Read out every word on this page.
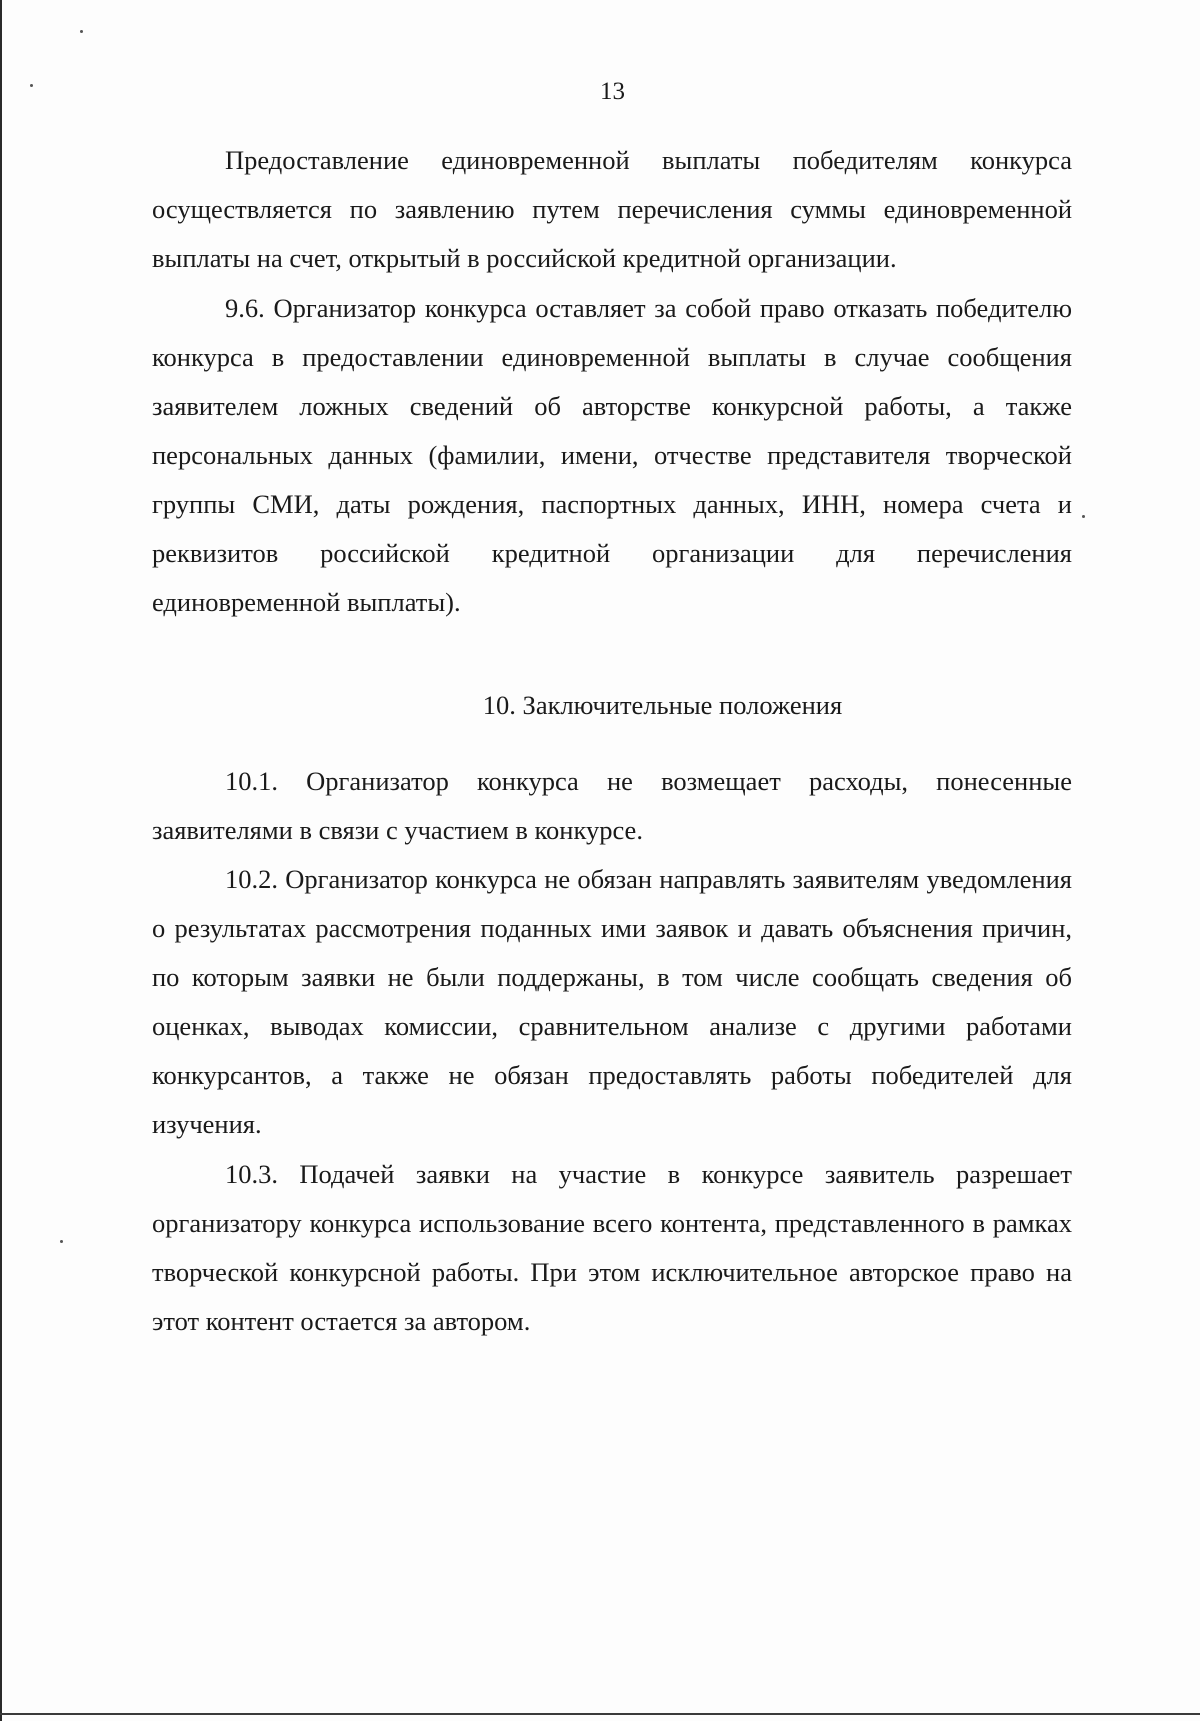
13

Предоставление единовременной выплаты победителям конкурса осуществляется по заявлению путем перечисления суммы единовременной выплаты на счет, открытый в российской кредитной организации.

9.6. Организатор конкурса оставляет за собой право отказать победителю конкурса в предоставлении единовременной выплаты в случае сообщения заявителем ложных сведений об авторстве конкурсной работы, а также персональных данных (фамилии, имени, отчестве представителя творческой группы СМИ, даты рождения, паспортных данных, ИНН, номера счета и реквизитов российской кредитной организации для перечисления единовременной выплаты).

10. Заключительные положения

10.1. Организатор конкурса не возмещает расходы, понесенные заявителями в связи с участием в конкурсе.

10.2. Организатор конкурса не обязан направлять заявителям уведомления о результатах рассмотрения поданных ими заявок и давать объяснения причин, по которым заявки не были поддержаны, в том числе сообщать сведения об оценках, выводах комиссии, сравнительном анализе с другими работами конкурсантов, а также не обязан предоставлять работы победителей для изучения.

10.3. Подачей заявки на участие в конкурсе заявитель разрешает организатору конкурса использование всего контента, представленного в рамках творческой конкурсной работы. При этом исключительное авторское право на этот контент остается за автором.
